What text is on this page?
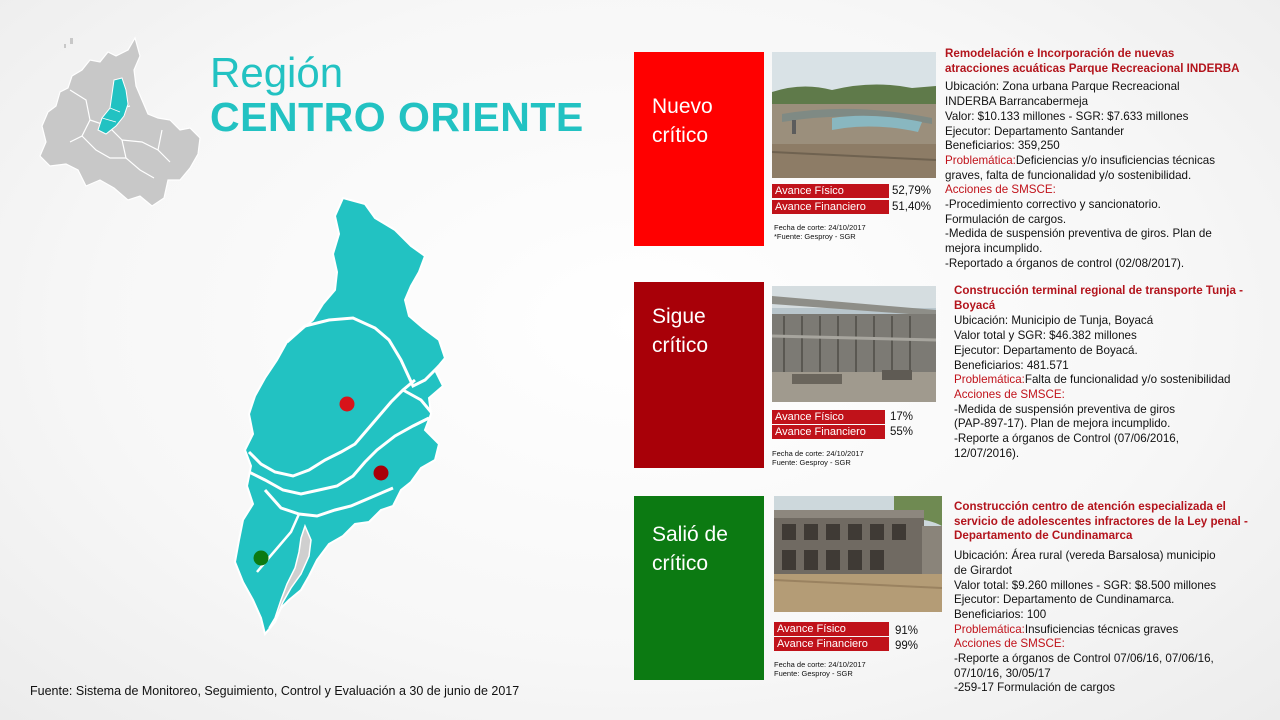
Región
CENTRO ORIENTE
Fuente: Sistema de Monitoreo, Seguimiento, Control y Evaluación a 30 de junio de 2017
Nuevo
crítico
Avance Físico	52,79%
Avance Financiero	51,40%
Fecha de corte: 24/10/2017
*Fuente: Gesproy - SGR
Remodelación e Incorporación de nuevas
atracciones acuáticas Parque Recreacional INDERBA
Ubicación: Zona urbana Parque Recreacional
INDERBA Barrancabermeja
Valor: $10.133 millones - SGR: $7.633 millones
Ejecutor: Departamento Santander
Beneficiarios: 359,250
Problemática:Deficiencias y/o insuficiencias técnicas
graves, falta de funcionalidad y/o sostenibilidad.
Acciones de SMSCE:
-Procedimiento correctivo y sancionatorio.
Formulación de cargos.
-Medida de suspensión preventiva de giros. Plan de
mejora incumplido.
-Reportado a órganos de control (02/08/2017).
Sigue
crítico
Avance Físico	17%
Avance Financiero	55%
Fecha de corte: 24/10/2017
Fuente: Gesproy - SGR
Construcción terminal regional de transporte Tunja -
Boyacá
Ubicación: Municipio de Tunja, Boyacá
Valor total y SGR: $46.382 millones
Ejecutor: Departamento de Boyacá.
Beneficiarios: 481.571
Problemática:Falta de funcionalidad y/o sostenibilidad
Acciones de SMSCE:
-Medida de suspensión preventiva de giros
(PAP-897-17). Plan de mejora incumplido.
-Reporte a órganos de Control (07/06/2016,
12/07/2016).
Salió de
crítico
Avance Físico	91%
Avance Financiero	99%
Fecha de corte: 24/10/2017
Fuente: Gesproy - SGR
Construcción centro de atención especializada el
servicio de adolescentes infractores de la Ley penal -
Departamento de Cundinamarca
Ubicación: Área rural (vereda Barsalosa) municipio
de Girardot
Valor total: $9.260 millones - SGR: $8.500 millones
Ejecutor: Departamento de Cundinamarca.
Beneficiarios: 100
Problemática:Insuficiencias técnicas graves
Acciones de SMSCE:
-Reporte a órganos de Control 07/06/16, 07/06/16,
07/10/16, 30/05/17
-259-17 Formulación de cargos
